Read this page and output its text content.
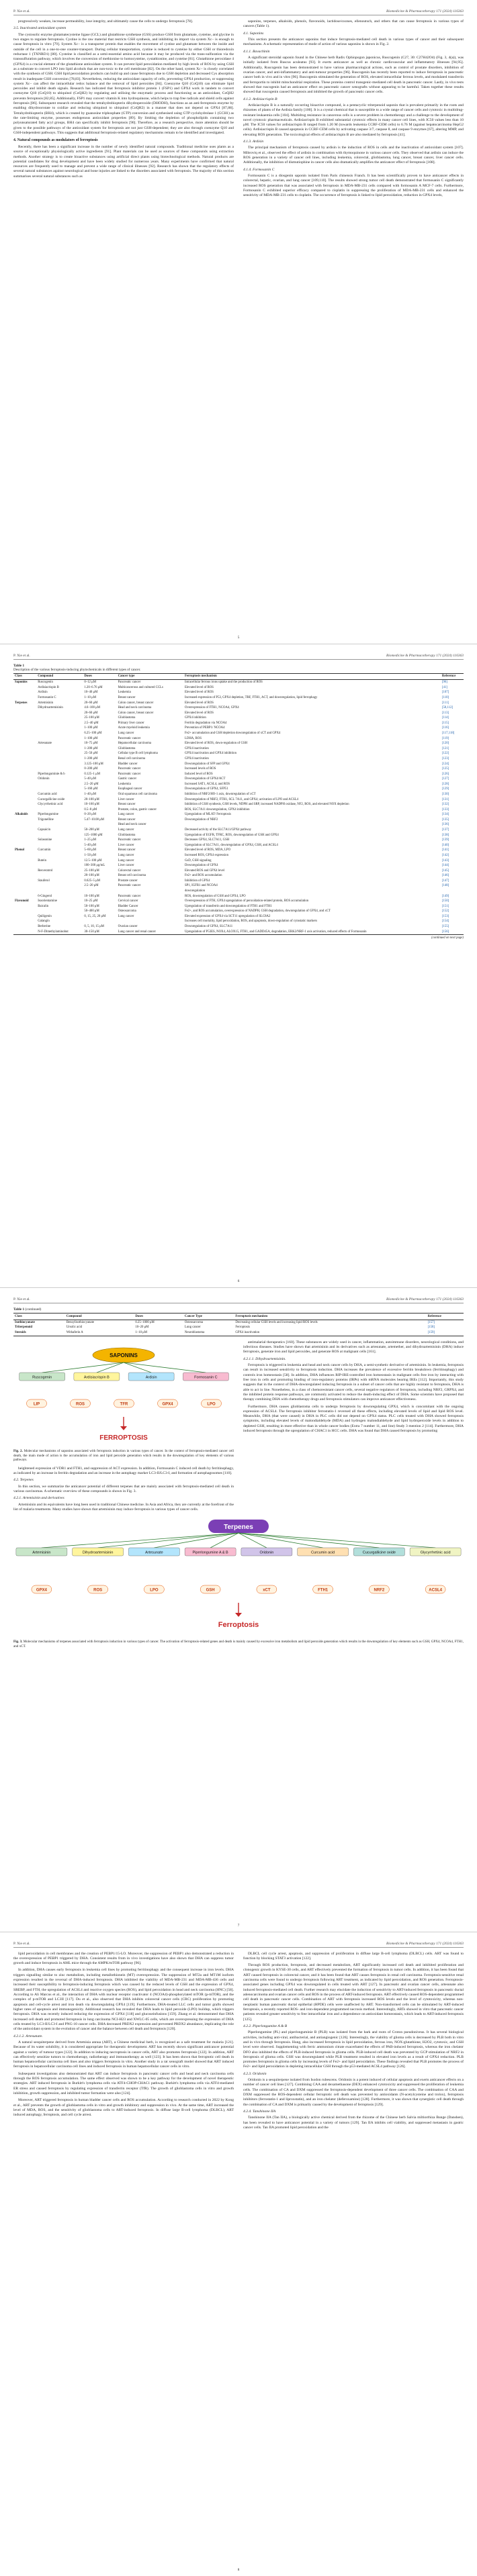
P. Xie et al.	Biomedicine & Pharmacotherapy 171 (2024) 116363

progressively weaken, increase permeability, lose integrity, and ultimately cause the cells to undergo ferroptosis [78].

3.5. Inactivated antioxidant system

The cystosolic enzyme glutamatecysteine ligase (GCL) and glutathione synthetase (GSS) produce GSH from glutamate, cysteine, and glycine in two stages to regulate ferroptosis. Cystine is the raw material that restricts GSH synthesis, and inhibiting its import via system Xc− is enough to cause ferroptosis in vitro [79]. System Xc− is a transporter protein that enables the movement of cystine and glutamate between the inside and outside of the cell in a one-to-one counter-transport. During cellular transportation, cystine is reduced to cysteine by either GSH or thioredoxin reductase 1 (TXNRD1) [80]. Cysteine is classified as a semi-essential amino acid because it may be produced via the trans-sulfuration via the transsulfuration pathway, which involves the conversion of methionine to homocysteine, cystathionine, and cysteine [81]. Glutathione peroxidase 4 (GPX4) is a crucial element of the glutathione antioxidant system. It can prevent lipid peroxidation mediated by high levels of ROS by using GSH as a substrate to convert LPO into lipid alcohols that are non-toxic to the cell membrane [82]. On the other hand, system Xc− is closely correlated with the synthesis of GSH. GSH lipid peroxidation products can build up and cause ferroptosis due to GSH depletion and decreased Cys absorption result in inadequate GSH conversion [78,83]. Nevertheless, reducing the antioxidant capacity of cells, preventing GPX4 production, or suppressing system Xc− can affect the intracellular redox balance and the removal of lipid peroxides [84]. Coenzyme Q10 (CoQ10) can eliminate lipid peroxides and inhibit death signals. Research has indicated that ferroptosis inhibitor protein 1 (FSP1) and GPX4 work in tandem to convert coenzyme Q10 (CoQ10) to ubiquinol (CoQH2) by regulating and utilising the enzymatic process and functioning as an antioxidant, CoQH2 prevents ferroptosis [82,85]. Additionally, FSP1 may convert vitamin K into hydroquinone, which helps to trap free radicals and shield cells against ferroptosis [86]. Subsequent research revealed that the tetrahydrobiopterin dihydroperoxide (DHODH), functions as an anti-ferroptosis enzyme by enabling dihydroorotate to oxidize and reducing ubiquinol to ubiquinol (CoQH2) in a manner that does not depend on GPX4 [87,88]. Tetrahydrobiopterin (BH4), which is created by guanosine triphosphate (GTP) conversion and synthesised using GTP cyclohydrolase 1 (GCH1) as the rate-limiting enzyme, possesses endogenous antioxidant properties [89]. By limiting the depletion of phospholipids containing two polyunsaturated fatty acyl groups, BH4 can specifically inhibit ferroptosis [90]. Therefore, as a research perspective, more attention should be given to the possible pathways of the antioxidant system for ferroptosis are not just GSH-dependent; they are also through coenzyme Q10 and GSH-independent pathways. This suggests that additional ferroptosis-related regulatory mechanisms remain to be identified and investigated.

4. Natural compounds as modulators of ferroptosis

Recently, there has been a significant increase in the number of newly identified natural compounds. Traditional medicine uses plants as a source of exceptionally physiologically active ingredients [91]. Plant materials can be used as sources of these compounds using extraction methods. Another strategy is to create bioactive substances using artificial direct plants using biotechnological methods. Natural products are potential candidates for drug development and have been widely studied for numerous years. Many experiments have confirmed that natural resources are frequently used to manage and prevent a wide range of clinical illnesses [92]. Research has shown that the regulatory effects of several natural substances against neurological and bone injuries are linked to the disorders associated with ferroptosis. The majority of this section summarises several natural substances such as

saponins, terpenes, alkaloids, phenols, flavonoids, lactidose/oxones, ellenoutsch, and others that can cause ferroptosis in various types of cancers (Table 1).

4.1. Saponins

This section presents the anticancer saponins that induce ferroptosis-mediated cell death in various types of cancer and their subsequent mechanisms. A schematic representation of mode of action of various saponins is shown in Fig. 2.

4.1.1. Bavachinin

A significant steroidal saponin found in the Chinese herb Radix Ophiopogon japonicus, Ruscogenin (C27, 30: C27H42O4) (Fig. 3, 4(a)), was initially isolated from Ruscus aculeatus [93]. It exerts anticancer as well as chronic cardiovascular and inflammatory illnesses [94,95]. Additionally, Ruscogenin has been demonstrated to have various pharmacological actions, such as control of prostate disorders, inhibition of ovarian cancer, and anti-inflammatory and anti-tumour properties [96]. Ruscogenin has recently been reported to induce ferroptosis in pancreatic cancer both in vivo and in vitro [96]. Ruscogenin stimulated the generation of ROS, elevated intracellular ferrous levels, and modulated transferrin and ferroportin to inhibit mitochondrial respiration. These proteins control transgenic-mediated cell death in pancreatic cancer. Lastly, in vivo tests showed that ruscogenin had an anticancer effect on pancreatic cancer xenografts without appearing to be harmful. Taken together these results showed that ruscogenin caused ferroptosis and inhibited the growth of pancreatic cancer cells.

4.1.2. Ardisiacrispin B

Ardisiacrispin B is a naturally occurring bioactive compound, is a pentacyclic triterpenoid saponin that is prevalent primarily in the roots and rhizomes of plants of the Ardisia family [100]. It is a crystal chemical that is susceptible to a wide range of cancer cells and cytotoxic in multidrug-resistant leukaemia cells [104]. Multidrug resistance in cancerous cells is a severe problem in chemotherapy and a challenge to the development of novel cytotoxic pharmaceuticals. Ardisiacrispin B exhibited substantial cytotoxic effects in many cancer cell lines, with IC50 values less than 10 μM. The IC50 values for ardisiacrispin B ranged from 1.20 M (towards leukemia CCRF-CEM cells) to 6.76 M (against hepatocarcinoma HepG2 cells). Ardisiacrispin B caused apoptosis in CCRF-CEM cells by activating caspase 3/7, caspase 8, and caspase 9 enzymes [67], altering MMP, and elevating ROS generation. The toxicological effects of ardisiacrispin B are also mediated by ferroptosis [41].

4.1.3. Ardisin

The principal mechanism of ferroptosis caused by ardisin is the induction of ROS in cells and the inactivation of antioxidant system [107]. Mibroviq et al., observed the effect of ardisin in combination with thymoquinone in various cancer cells. They observed that ardisin can induce the ROS generation in a variety of cancer cell lines, including leukemia, colorectal, glioblastoma, lung cancer, breast cancer, liver cancer cells. Additionally, the inhibition of dismutiophine in cancer cells also dramatically amplifies the anticancer effect of ferroptosis [108].

4.1.4. Formosanin C

Formosanin C is a diosgenin saponin isolated from Paris chinensis Franch. It has been scientifically proven to have anticancer effects in colorectal, hepatic, ovarian, and lung cancer [109,110]. The results showed strong tumor cell death demonstrated that formosanin C significantly increased ROS generation that was associated with ferroptosis in MDA-MB-231 cells compared with formosanin A MCF-7 cells. Furthermore, Formosanin C exhibited superior efficacy compared to cisplatin in suppressing the proliferation of MDA-MB-231 cells and enhanced the sensitivity of MDA-MB-231 cells to cisplatin. The occurrence of ferroptosis is linked to lipid peroxidation, reduction in GPX4 levels,

5
P. Xie et al.	Biomedicine & Pharmacotherapy 171 (2024) 116363
Table 1
Description of the various ferroptosis-inducing phytochemicals in different types of cancer.
Class	Compound	Doses	Cancer type	Ferroptosis mechanism	Reference
Saponins	Ruscogenin	0–12 μM	Pancreatic cancer	Intracellular ferrous irons uptake and the production of ROS	[96]
	Ardisiacrispin B	1.20–6.76 μM	Multicancerous and cultured CCLs	Elevated level of ROS	[41]
	Ardisin	10–40 μM	Leukemia	Elevated level of ROS	[107]
	Formosanin C	1–10 μM	Breast cancer	Increased expression of P53, GPX4 depletion, TRF, FTH1, ACT, and downregulation, lipid ferrophagy	[110]
Terpenes	Artemisinin	20–60 μM	Colon cancer, breast cancer	Elevated level of ROS	[111]
	Dihydroartemisinin	4.6–100 μM	Head and neck carcinoma	Overexpression of FTH1, NCOA4, GPX4	[58,112]
		20–60 μM	Colon cancer, breast cancer	Elevated level of ROS	[113]
		25–100 μM	Glioblastoma	GPX4 inhibition	[114]
		2.5–40 μM	Primary liver cancer	Ferritin degradation via NCOA4	[115]
		1–100 μM	Acute myeloid leukemia	Prevention of PEBP1/ NCOA4	[116]
		6.25–100 μM	Lung cancer	Fe2+ accumulation and GSH depletion downregulation of xCT and GPX4	[117,118]
		1–100 μM	Pancreatic cancer	LDHA, ROS	[119]
	Artesunate	10–75 μM	Hepatocellular carcinoma	Elevated level of ROS, down-regulation of GSH	[120]
		1–200 μM	Glioblastoma	GPX4 inactivation	[121]
		25–50 μM	Cellular type B cell lymphoma	GPX4 inactivation and GPX4 inhibition	[122]
		1–200 μM	Renal cell carcinoma	GPX4 inactivation	[123]
		3.125–100 μM	Bladder cancer	Downregulation of SFP and GPX4	[124]
		0–200 μM	Pancreatic cancer	Increased levels of ROS	[125]
	Piperlonguminie & b	0.125–1 μM	Pancreatic cancer	Induced level of ROS	[126]
	Oridonin	5–40 μM	Gastric cancer	Downregulation of GPX4/ACT	[127]
		2.5–20 μM	Leukemia	Increased SAT1, ACSL4, and ROS	[128]
		5–160 μM	Esophageal cancer	Downregulation of GPX4, SFP51	[129]
	Curcumin acid	1–40 μM	Oral squamous cell carcinoma	Inhibition of NRF2/HO-1 axis, downregulation of xCT	[130]
	Cucurgallicine oxide	20–100 μM	Liver cancer	Downregulation of NRF2, FTH1, SCL 7A11, and GPX4; activation of LPO and ACSL4	[131]
	Glycyrrhetinic acid	10–160 μM	Breast cancer	Inhibition of GSH synthesis, GSH levels, NDPH and SRP, increased NADPH oxidase, NF2, ROS, and elevated NOX depletion	[132]
		0.5–8 μM	Prostate, colon, gastric cancer	ROS, SLC7A11 downregulation, GPX4 inhibition	[133]
Alkaloids	Piperlongumine	0–20 μM	Lung cancer	Upregulation of MLAT/ Ferroptosis	[134]
	Trigonelline	5.47–10.08 μM	Breast cancer	Downregulation of NRF2	[135]
			Head and neck cancer		[136]
	Capsaicin	50–200 μM	Lung cancer	Decreased activity of the SLC7A11/GPX4 pathway	[137]
		125–1000 μM	Glioblastoma	Upregulation of EGFR, TFRC, ROS, downregulation of GSH and GPX4	[138]
	Solasonine	1–25 μM	Pancreatic cancer	Decreases GPX4, SLC7A11, GSH	[139]
		5–40 μM	Liver cancer	Upregulation of SLC7A11, downregulation of GPX4, GSH, and ACSL4	[140]
Phenol	Curcumin	5–60 μM	Breast cancer	Elevated level of ROS, MDA, LPO	[141]
		1–50 μM	Lung cancer	Increased ROS, GPX4 expression	[142]
	Butein	12.5–100 μM	Lung cancer	GsD, GSH signaling	[143]
		100–300 μg/mL	Liver cancer	Downregulation of GPX4	[144]
	Resveratrol	25–100 μM	Colorectal cancer	Elevated ROS and GPX4 level	[145]
		20–100 μM	Breast cell carcinoma	Fe2+ and ROS accumulation	[146]
	Stauferol	0.625–5 μM	Prostate cancer	Inhibition of GPX4	[147]
		2.5–20 μM	Pancreatic cancer	SP1, IGFR1 and NCOA4	[148]
				downregulation	
	6-Gingerol	10–100 μM	Pancreatic cancer	ROS, downregulation of GSH and GPX4, LPO	[149]
Flavonoid	Isoorientamine	10–25 μM	Cervical cancer	Overexpression of FTH, GPX4 upregulation of peroxidation-related protein, ROS accumulation	[150]
	Baicalin	50–100 μM	Bladder Cancer	Upregulation of transferrin and downregulation of FTH1 and FTH1	[151]
		50–400 μM	Osteosarcoma	Fe2+, and ROS accumulation, overexpression of NADPH, GSH degradation, downregulation of GPX4, and xCT	[152]
	Quiligenin	0, 15, 25, 20 μM	Lung cancer	Elevated expression of GPX4 via SCT11 upregulation of SLC8A2	[153]
	Galangin			Increases cell mortality, lipid peroxidation, ROS, and apoptosis, down-regulation of cytostatic markers	[154]
	Berberine	0, 5, 10, 15 μM	Ovarian cancer	Downregulation of GPX4, SLC7A11	[155]
	N-F-Dimethylaminobut	30–150 μM	Lung cancer and renal cancer	Upregulation of P53ES, NOX4, ALOX15, FTH1, and GADD45A, degradation, ERK2/NRF-1 axis activation, reduced effects of Formosanin	[156]
(continued on next page)
6
P. Xie et al.	Biomedicine & Pharmacotherapy 171 (2024) 116363
Table 1 (continued)
Class	Compound	Doses	Cancer Type	Ferroptosis mechanism	Reference
Isothiocyanate	Benzylisothiocyanate	0.25–1000 μM	Osteosarcoma	Decreasing cellular GSH levels and increasing lipid ROS levels	[157]
Triterpenoid	Ursolic acid	10–20 μM	Lung cancer	Ferroptosis	[158]
Steroids	Withaferin A	1–10 μM	Neuroblastoma	GPX4 inactivation	[159]
SAPONINS
Ruscogenin	Ardisiacrispin B	Ardisin	Formosanin C
LIP	ROS	TFR	GPX4	LPO
FERROPTOSIS
Fig. 2. Molecular mechanisms of saponins associated with ferroptosis induction in various types of cancer. In the context of ferroptosis-mediated cancer cell death, the main mode of action is the accumulation of iron and lipid peroxide generation which results in the downregulation of key elements of various pathways.

heightened expression of VDR1 and FTH1, and suppression of ACT expression. In addition, Formosanin C induced cell death by ferritinophagy, as indicated by an increase in ferritin degradation and an increase in the autophagy marker LC3-II/LC3-I, and formation of autophagosomes [110].

4.2. Terpenes

In this section, we summarize the anticancer potential of different terpenes that are mainly associated with ferroptosis-mediated cell death in various carcinomas. A schematic overview of these compounds is shown in Fig. 3.

4.2.1. Artemisinin and derivatives

Artemisinin and its equivalents have long been used in traditional Chinese medicine. In Asia and Africa, they are currently at the forefront of the list of malaria treatments. Many studies have shown that artemisinin may induce ferroptosis in various types of cancer cells.

antimalarial therapeutics [160]. These substances are widely used in cancer, inflammation, autoimmune disorders, neurological conditions, and infectious diseases. Studies have shown that artemisinin and its derivatives such as artesunate, artemether, and dihydroartemisinin (DHA) induce ferroptosis, generate iron and lipid peroxides, and generate ROS at malignant cells [161].

4.2.1.1. Dihydroartemisinin.

Ferroptosis is triggered in leukemia and head and neck cancer cells by DHA, a semi-synthetic derivative of artemisinin. In leukemia, ferroptosis can result in increased sensitivity to ferroptosis induction. DHA increases the prevalence of excessive ferritin breakdown (ferritinophagy) and controls iron homeostasis [58]. In addition, DHA influences RIP-IRE-controlled iron homeostasis in malignant cells free iron by interacting with free iron in cells and promoting binding of iron-regulatory proteins (IRPs) with mRNA molecules bearing IREs [112]. Importantly, this study suggests that in the context of DHA-downregulated inducing ferroptosis in a subset of cancer cells that are highly resistant to ferroptosis, DHA is able to act in line. Nonetheless, in a class of chemoresistant cancer cells, several negative regulators of ferroptosis, including NRF2, GRPX4, and the inhibited protein response pathways, are commonly activated to reduce the death-inducing effect of DHA. Some scientists have proposed that therapy combining DHA with chemotherapy drugs and ferroptosis stimulators can improve anticancer effectiveness.

Furthermore, DHA causes glioblastoma cells to undergo ferroptosis by downregulating GPX4, which is concomitant with the ongoing expression of ACSL4. The ferroptosis inhibitor ferrostatin-1 reversed all these effects, including elevated levels of lipid and lipid ROS level. Meanwhile, DHA (that were caused) in DHA in PLC cells did not depend on GPX4 status. PLC cells treated with DHA showed ferroptosis symptoms, including elevated levels of malondialdehyde (MDA) and hydrogen malondialdehyde and lipid hydroperoxide levels in addition to depleted GSH, resulting in more effective than in whole cancer bodies (Extra 7 number 11, and line) Study 3 mention 2 [114]. Furthermore, DHA induced ferroptosis through the upregulation of CHAC1 in HCC cells. DHA was found that DHA caused ferroptosis by promoting

Terpenes
Artemisinin	Dihydroartemisinin	Artesunate	Piperlongumine A & B	Oridonin	Curcumin acid	Cucurgallicine oxide	Glycyrrhetinic acid
GPX4	ROS	LPO	GSH	xCT	FTH1	NRF2	ACSL4
Ferroptosis
Fig. 3. Molecular mechanisms of terpenes associated with ferroptosis induction in various types of cancer. The activation of ferroptosis-related genes and death is mainly caused by excessive iron metabolism and lipid peroxide generation which results in the downregulation of key elements such as GSH, GPX4, NCOA4, FTH1, and xCT.
7
P. Xie et al.	Biomedicine & Pharmacotherapy 171 (2024) 116363

lipid peroxidation in cell membranes and the creation of PEBP1/15-LO. Moreover, the suppression of PEBP1 also demonstrated a reduction in the overexpression of PEBP1 triggered by DHA. Consistent results from in vivo investigations have also shown that DHA can suppress tumor growth and induce ferroptosis in AML mice through the AMPK/mTOR pathway [96].

In addition, DHA causes early ferroptosis in leukemia cell lines by promoting ferritinophagy and the consequent increase in iron levels. DHA triggers signalling similar to zinc metabolism, including metallothionein (MT) overexpression. The suppression of MT2a and MT1M isoform expression resulted in the reversal of DHA-induced ferroptosis. DHA inhibited the viability of MDA-MB-231 and MDA-MB-436 cells and increased their susceptibility to ferroptosis-inducing ferroptosis which was caused by the reduced levels of GSH and the expression of GPX4, SREBP, and FTH, the upregulation of ACSL4 and reactive oxygen species (ROS), and lipid peroxidation in head and neck carcinoma (HNC) [58]. According to Ali Marcus et al., the interaction of DHA with nuclear receptor coactivator 4 (NCOA4)-phosphorylated mTOR (p-mTOR), and the complex of p-mTOR and LC3II [117]. Du et al., also observed that DHA inhibits colorectal cancer cells (CRC) proliferation by promoting apoptosis and cell-cycle arrest and iron death via downregulating GPX4 [119]. Furthermore, DHA-treated LLC cells and tumor grafts showed higher rates of apoptosis and immunogenicity. Additional research has revealed that DHA leads to lipid peroxide (LPO) buildup, which triggers ferroptosis. DHA was recently induced reducing the expression of GPX4 [118] and glucoseinfusions [159]. Zhang et al. demonstrated that DHA increased cell death and promoted ferroptosis in lung carcinoma NCI-H23 and XWLC-05 cells, which are overexpressing the expression of DHA cells treated by LC3-II/LC3-I and PNG-10 cancer cells. DHA decreased PRDX2 expression and prevented PRDX2 abundance, implicating the role of the antioxidant system in the evolution of cancer and the balance between cell death and ferroptosis [120].

4.2.1.2. Artesunate.

A natural sesquiterpene derived from Artemisia annua (ART), a Chinese medicinal herb, is recognized as a safe treatment for malaria [121]. Because of its water solubility, it is considered appropriate for therapeutic development. ART has recently shown significant anticancer potential against a variety of tumour types [122]. In addition to inducing necroptosis in cancer cells, ART also promotes ferroptosis [122]. In addition, ART can effectively sensitize tumors to chemotherapy, radiotherapy and immunotherapy as well [123]. It has been shown that ferroptotic cell death in human hepatocellular carcinoma cell lines and also triggers ferroptosis in vitro. Another study in a rat xenograft model showed that ART induced ferroptosis in hepatocellular carcinoma cell lines and induced ferroptosis in human hepatocellular cancer cells in vitro.

Subsequent investigations also demonstrated that ART can induce ferroptosis in pancreatic cancer cells and head and neck carcinoma cells through the ROS ferroptosis accumulation. The same effect observed was shown to be a key pathway for the development of novel therapeutic strategies. ART induced ferroptosis in Burkitt's lymphoma cells via ATF4-CHOP-CHAC1 pathway. Burkitt's lymphoma cells via ATF4-mediated ER stress and caused ferroptosis by regulating expression of transferrin receptor (TfR). The growth of glioblastoma cells in vitro and growth inhibition, growth suppression, and inhibited tumor formation were also [124].

Moreover, ART triggered ferroptosis in human bladder cancer cells and ROS accumulation. According to research conducted in 2022 by Kong et al., ART prevents the growth of glioblastoma cells in vitro and growth inhibitory and suppression in vivo. At the same time, ART increased the level of MDA, ROS, and the sensitivity of glioblastoma cells to ART-induced ferroptosis. In diffuse large B-cell lymphoma (DLBCL), ART induced autophagy, ferroptosis, and cell cycle arrest.

DLBCL cell cycle arrest, apoptosis, and suppression of proliferation in diffuse large B-cell lymphoma (DLBCL) cells. ART was found to function by blocking STAT3 activation [122].

Through ROS production, ferroptosis, and decreased metabolism, ART significantly increased cell death and inhibited proliferation and clonogenic growth in KYSE-30 cells, and ART effectively prevented the formation of ferroptosis in tumor cells. In addition, it has been found that ART caused ferroptosis in colorectal cancer, and it has been found that ART causes ferroptosis in renal cell carcinoma. Ferroptosis-sensitive renal carcinoma cells were found to undergo ferroptosis following ART treatment, as indicated by lipid peroxidation, and ROS generation. Ferroptosis-associated genes including GPX4 was downregulated in cells treated with ART [127]. In pancreatic and ovarian cancer cells, artesunate also induced ferroptosis-mediated cell death. Further research may elucidate the induction of sensitivity to ART-induced ferroptosis in pancreatic ductal adenocarcinoma and ovarian cancer cells and ROS in the process of ART-induced ferroptosis. ART effectively caused ROS-dependent programmed cell death in pancreatic cancer cells. Combination of ART with ferroptosis increased ROS levels and the level of cytotoxicity, whereas non-neoplastic human pancreatic ductal epithelial (HPDE) cells were unaffected by ART. Non-transformed cells can be stimulated by ART-induced ferroptosis, a recently reported ROS- and iron-dependent programmed necrosis method. Interestingly, ARTs showed in vitro that pancreatic cancer patients revealed greater sensitivity to free intracellular iron and a dependence on antioxidant homeostasis, which leads to ART-induced ferroptosis [125].

4.2.2. Piperlongumine A & B

Piperlongumine (PL) and piperlonguminie B (PLB) was isolated from the bark and roots of Croton pseudoniveus. It has several biological activities, including anti-viral, antibacterial, and antiangiogenic [126]. Interestingly, the viability of glioma cells is decreased by PLB both in vitro and in vivo through ferroptosis. Hung, also increased ferroptosis in lipid peroxidation, ferrous iron, NOX-glutathione, H2O2, cytotoxic, and GSH level were observed. Supplementing with ferric ammonium citrate exacerbated the effects of PAB-induced ferroptosis, whereas the iron chelator DFO also inhibited the effects of PLB-induced ferroptosis in glioma cells. PLB-induced cell death was prevented by GCP stimulation of NRF2 in ferroptosis of glioma cells. GSH was downregulated while PLB treatment resulted in elevated iron levels as a result of GPX4 reduction. PLB promotes ferroptosis in glioma cells by increasing levels of Fe2+ and lipid peroxidation. These findings revealed that PLB promotes the process of Fe2+ and lipid peroxidation in depleting intracellular GSH through the p53-mediated ACSL4 pathway [126].

4.2.3. Oridonin

Oridonin is a sesquiterpene isolated from Isodon rubescens. Oridonin is a potent induced of cellular apoptosis and exerts anticancer effects on a number of cancer cell lines [127]. Combining CAA and dexamethasone (DEX) enhanced cytotoxicity and suppressed the proliferation of leukemia cells. The combination of CA and DXM suppressed the ferroptosis-dependent development of three cancer cells. The combination of CAA and DXM suppressed the ROS-dependent cellular ferroptotic cell death was prevented by antioxidants (N-acetylcysteine and trolox), ferroptosis inhibitors (ferrostatin-1 and liproxstatin), and an iron chelator (deferoxamine) [128]. Furthermore, it was shown that synergistic cell death through the combination of CA and DXM is primarily caused by the development of ferroptosis [129].

4.2.4. Tanshinone IIA

Tanshinone IIA (Tan IIA), a biologically active chemical derived from the rhizome of the Chinese herb Salvia miltiorrhiza Bunge (Danshen), has been revealed to have anticancer potential in a variety of tumors [129]. Tan IIA inhibits cell viability, and suppressed metastasis in gastric cancer cells. Tan IIA promoted lipid peroxidation and the

8
